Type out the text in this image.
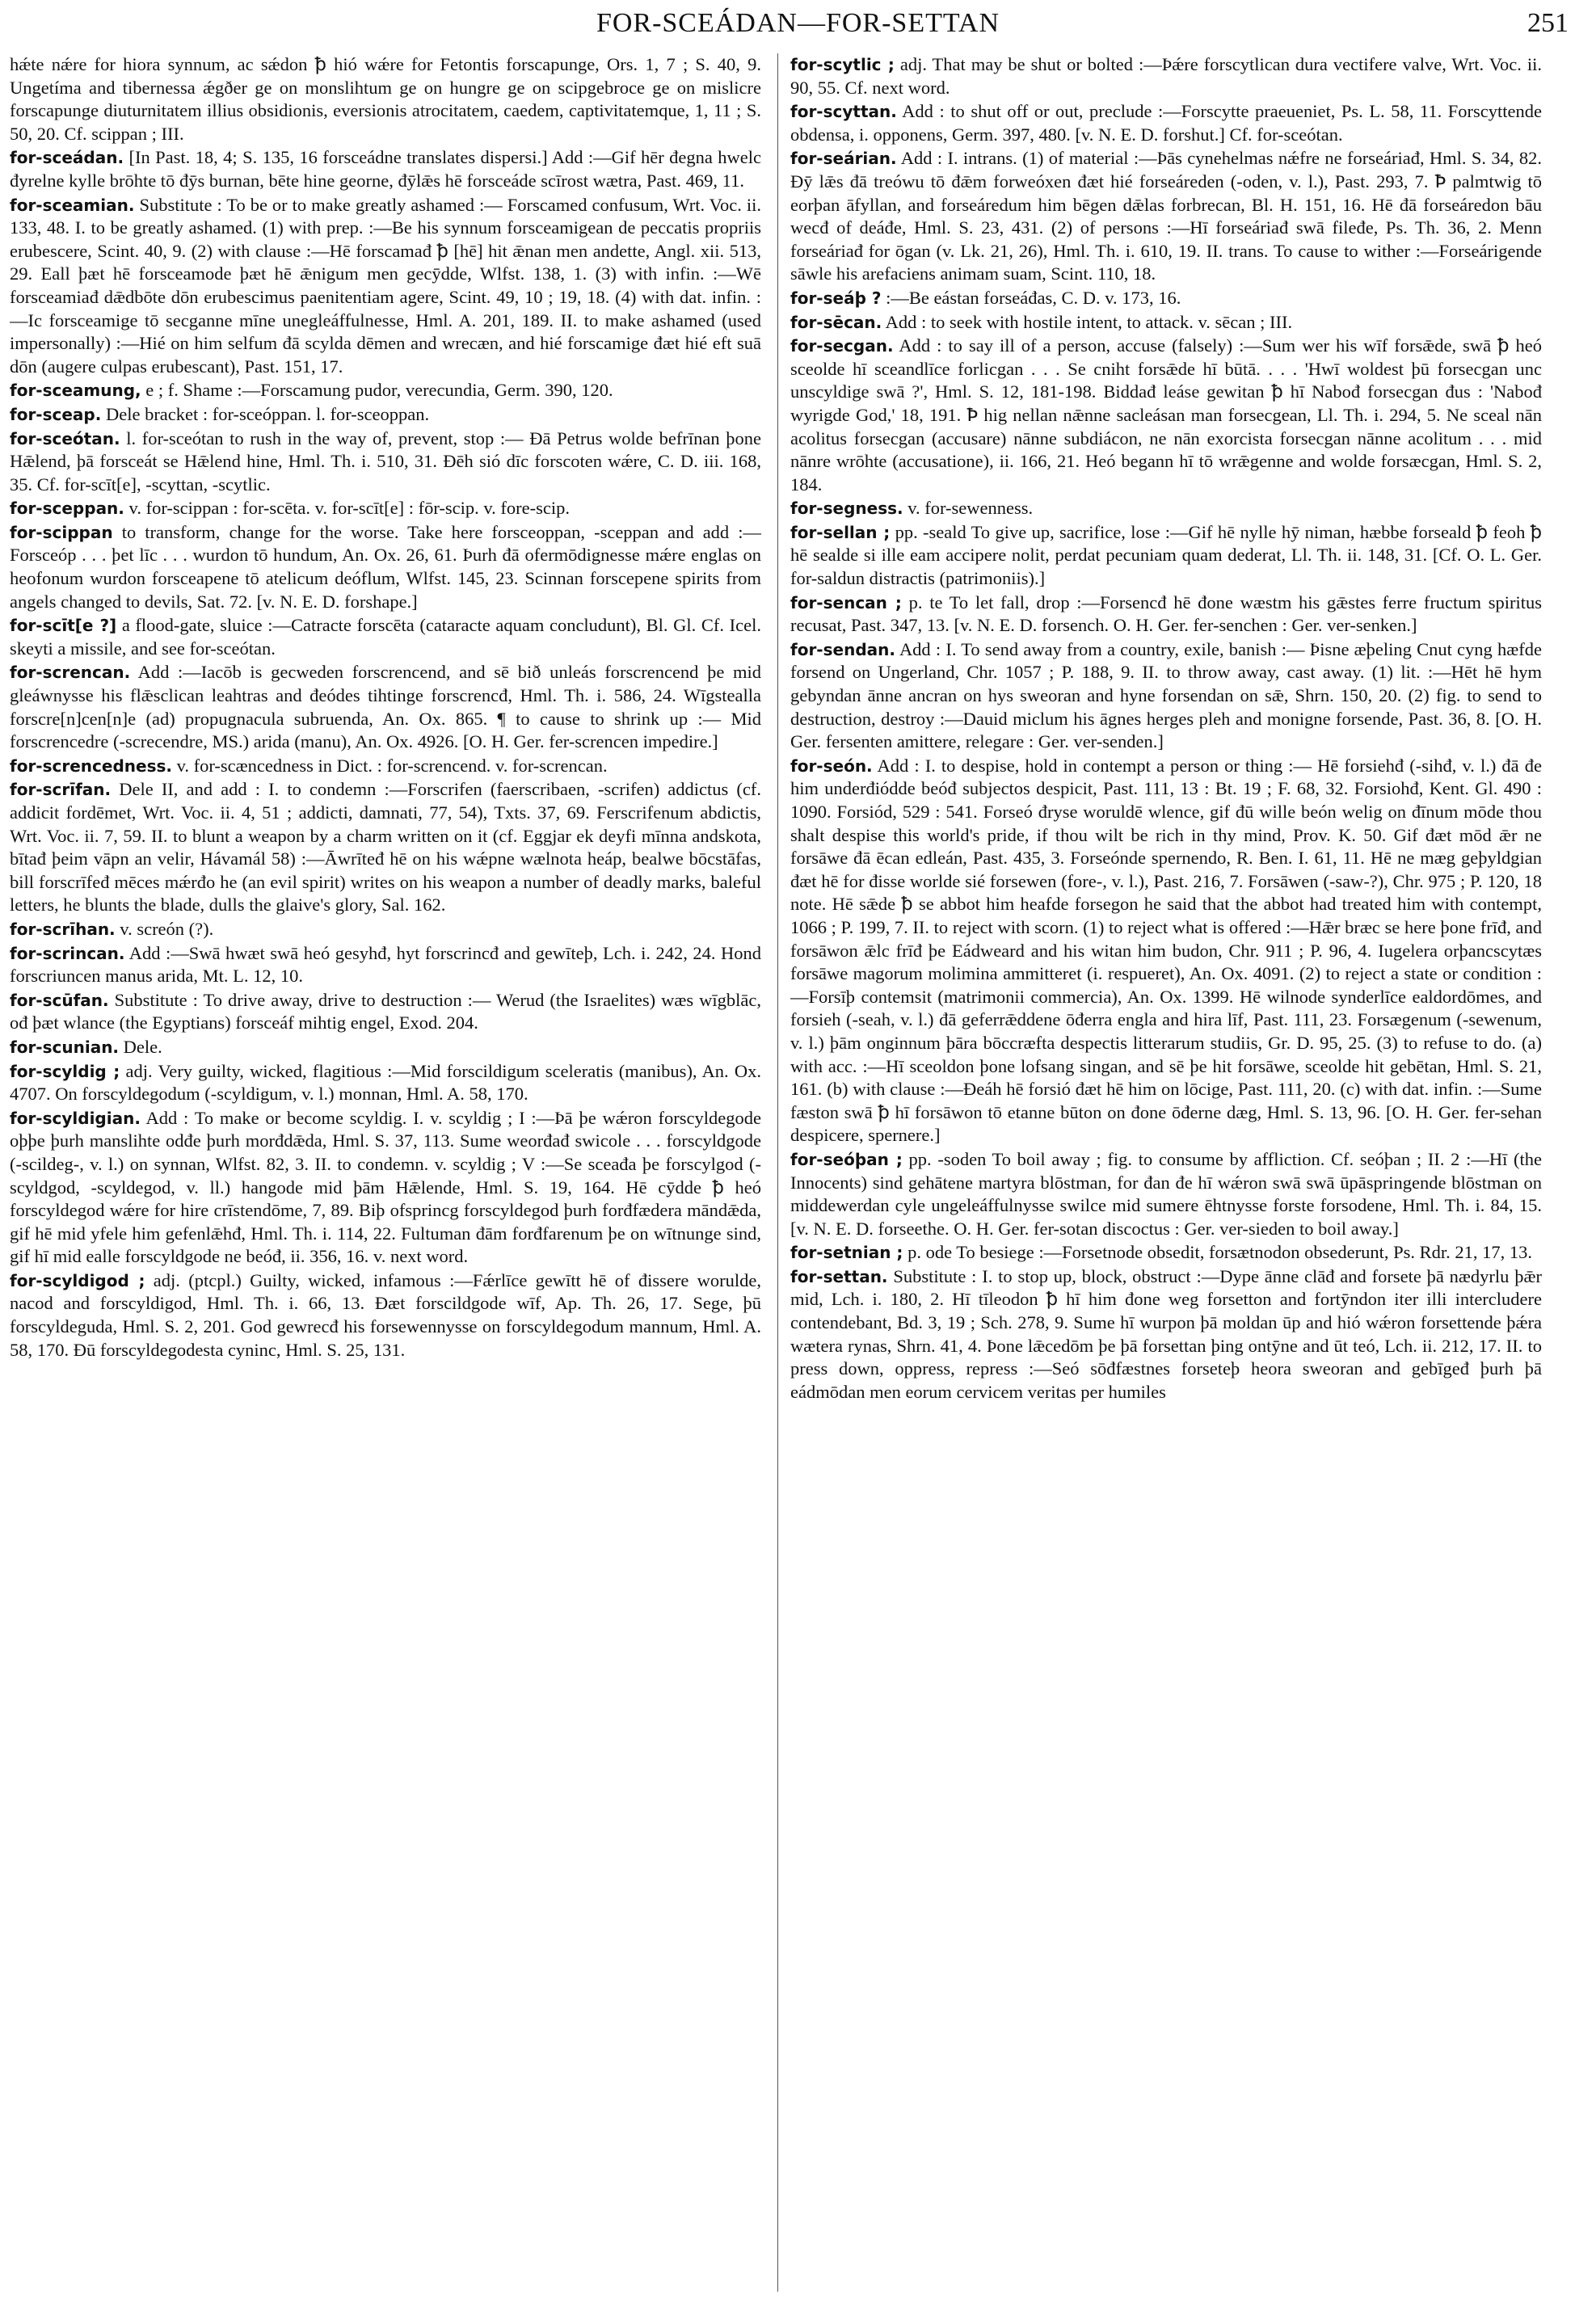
FOR-SCEÁDAN—FOR-SETTAN	251

hǽte nǽre for hiora synnum, ac sǽdon ꝥ hió wǽre for Fetontis forscapunge, Ors. 1, 7 ; S. 40, 9. Ungetíma and tibernessa ǽgðer ge on monslihtum ge on hungre ge on scipgebroce ge on mislicre forscapunge diuturnitatem illius obsidionis, eversionis atrocitatem, caedem, captivitatemque, 1, 11 ; S. 50, 20. Cf. scippan ; III.

for-sceádan. [In Past. 18, 4; S. 135, 16 forsceádne translates dispersi.] Add :—Gif hēr đegna hwelc đyrelne kylle brōhte tō đȳs burnan, bēte hine georne, đȳlǣs hē forsceáde scīrost wætra, Past. 469, 11.

for-sceamian. Substitute : To be or to make greatly ashamed :— Forscamed confusum, Wrt. Voc. ii. 133, 48. I. to be greatly ashamed. (1) with prep. :—Be his synnum forsceamigean de peccatis propriis erubescere, Scint. 40, 9. (2) with clause :—Hē forscamađ ꝥ [hē] hit ǣnan men andette, Angl. xii. 513, 29. Eall þæt hē forsceamode þæt hē ǣnigum men gecȳdde, Wlfst. 138, 1. (3) with infin. :—Wē forsceamiađ dǣdbōte dōn erubescimus paenitentiam agere, Scint. 49, 10 ; 19, 18. (4) with dat. infin. :—Ic forsceamige tō secganne mīne unegleáffulnesse, Hml. A. 201, 189. II. to make ashamed (used impersonally) :—Hié on him selfum đā scylda dēmen and wrecæn, and hié forscamige đæt hié eft suā dōn (augere culpas erubescant), Past. 151, 17.

for-sceamung, e ; f. Shame :—Forscamung pudor, verecundia, Germ. 390, 120.

for-sceap. Dele bracket : for-sceóppan. l. for-sceoppan.

for-sceótan. l. for-sceótan to rush in the way of, prevent, stop :— Đā Petrus wolde befrīnan þone Hǣlend, þā forsceát se Hǣlend hine, Hml. Th. i. 510, 31. Đēh sió dīc forscoten wǽre, C. D. iii. 168, 35. Cf. for-scīt[e], -scyttan, -scytlic.

for-sceppan. v. for-scippan : for-scēta. v. for-scīt[e] : fōr-scip. v. fore-scip.

for-scippan to transform, change for the worse. Take here forsceoppan, -sceppan and add :—Forsceóp . . . þet līc . . . wurdon tō hundum, An. Ox. 26, 61. Þurh đā ofermōdignesse mǽre englas on heofonum wurdon forsceapene tō atelicum deóflum, Wlfst. 145, 23. Scinnan forscepene spirits from angels changed to devils, Sat. 72. [v. N. E. D. forshape.]

for-scīt[e ?] a flood-gate, sluice :—Catracte forscēta (cataracte aquam concludunt), Bl. Gl. Cf. Icel. skeyti a missile, and see for-sceótan.

for-screncan. Add :—Iacōb is gecweden forscrencend, and sē bið unleás forscrencend þe mid gleáwnysse his flǣsclican leahtras and đeódes tihtinge forscrencđ, Hml. Th. i. 586, 24. Wīgstealla forscre[n]cen[n]e (ad) propugnacula subruenda, An. Ox. 865. ¶ to cause to shrink up :— Mid forscrencedre (-screcendre, MS.) arida (manu), An. Ox. 4926. [O. H. Ger. fer-screncen impedire.]

for-screncedness. v. for-scæncedness in Dict. : for-screncend. v. for-screncan.

for-scrīfan. Dele II, and add : I. to condemn :—Forscrifen (faerscribaen, -scrifen) addictus (cf. addicit fordēmet, Wrt. Voc. ii. 4, 51 ; addicti, damnati, 77, 54), Txts. 37, 69. Ferscrifenum abdictis, Wrt. Voc. ii. 7, 59. II. to blunt a weapon by a charm written on it (cf. Eggjar ek deyfi mīnna andskota, bītađ þeim vāpn an velir, Hávamál 58) :—Āwrīteđ hē on his wǽpne wælnota heáp, bealwe bōcstāfas, bill forscrīfeđ mēces mǽrđo he (an evil spirit) writes on his weapon a number of deadly marks, baleful letters, he blunts the blade, dulls the glaive's glory, Sal. 162.

for-scrīhan. v. screón (?).

for-scrincan. Add :—Swā hwæt swā heó gesyhđ, hyt forscrincđ and gewīteþ, Lch. i. 242, 24. Hond forscriuncen manus arida, Mt. L. 12, 10.

for-scūfan. Substitute : To drive away, drive to destruction :— Werud (the Israelites) wæs wīgblāc, ođ þæt wlance (the Egyptians) forsceáf mihtig engel, Exod. 204.

for-scunian. Dele.

for-scyldig ; adj. Very guilty, wicked, flagitious :—Mid forscildigum sceleratis (manibus), An. Ox. 4707. On forscyldegodum (-scyldigum, v. l.) monnan, Hml. A. 58, 170.

for-scyldigian. Add : To make or become scyldig. I. v. scyldig ; I :—Þā þe wǽron forscyldegode oþþe þurh manslihte odđe þurh morđdǣda, Hml. S. 37, 113. Sume weorđađ swicole . . . forscyldgode (-scildeg-, v. l.) on synnan, Wlfst. 82, 3. II. to condemn. v. scyldig ; V :—Se sceađa þe forscylgod (-scyldgod, -scyldegod, v. ll.) hangode mid þām Hǣlende, Hml. S. 19, 164. Hē cȳdde ꝥ heó forscyldegod wǽre for hire crīstendōme, 7, 89. Biþ ofsprincg forscyldegod þurh forđfædera māndǣda, gif hē mid yfele him gefenlǣhđ, Hml. Th. i. 114, 22. Fultuman đām forđfarenum þe on wītnunge sind, gif hī mid ealle forscyldgode ne beóđ, ii. 356, 16. v. next word.

for-scyldigod ; adj. (ptcpl.) Guilty, wicked, infamous :—Fǽrlīce gewītt hē of đissere worulde, nacod and forscyldigod, Hml. Th. i. 66, 13. Đæt forscildgode wīf, Ap. Th. 26, 17. Sege, þū forscyldeguda, Hml. S. 2, 201. God gewrecđ his forsewennysse on forscyldegodum mannum, Hml. A. 58, 170. Đū forscyldegodesta cyninc, Hml. S. 25, 131.

for-scytlic ; adj. That may be shut or bolted :—Þǽre forscytlican dura vectifere valve, Wrt. Voc. ii. 90, 55. Cf. next word.

for-scyttan. Add : to shut off or out, preclude :—Forscytte praeueniet, Ps. L. 58, 11. Forscyttende obdensa, i. opponens, Germ. 397, 480. [v. N. E. D. forshut.] Cf. for-sceótan.

for-seárian. Add : I. intrans. (1) of material :—Þās cynehelmas nǽfre ne forseáriađ, Hml. S. 34, 82. Đȳ lǣs đā treówu tō đǣm forweóxen đæt hié forseáreden (-oden, v. l.), Past. 293, 7. Ꝥ palmtwig tō eorþan āfyllan, and forseáredum him bēgen dǣlas forbrecan, Bl. H. 151, 16. Hē đā forseáredon bāu wecđ of deáđe, Hml. S. 23, 431. (2) of persons :—Hī forseáriađ swā fileđe, Ps. Th. 36, 2. Menn forseáriađ for ōgan (v. Lk. 21, 26), Hml. Th. i. 610, 19. II. trans. To cause to wither :—Forseárigende sāwle his arefaciens animam suam, Scint. 110, 18.

for-seáþ ? :—Be eástan forseáđas, C. D. v. 173, 16.

for-sēcan. Add : to seek with hostile intent, to attack. v. sēcan ; III.

for-secgan. Add : to say ill of a person, accuse (falsely) :—Sum wer his wīf forsǣde, swā ꝥ heó sceolde hī sceandlīce forlicgan . . . Se cniht forsǣde hī būtā. . . . 'Hwī woldest þū forsecgan unc unscyldige swā ?', Hml. S. 12, 181-198. Biddađ leáse gewitan ꝥ hī Nabođ forsecgan đus : 'Nabođ wyrigde God,' 18, 191. Ꝥ hig nellan nǣnne sacleásan man forsecgean, Ll. Th. i. 294, 5. Ne sceal nān acolitus forsecgan (accusare) nānne subdiácon, ne nān exorcista forsecgan nānne acolitum . . . mid nānre wrōhte (accusatione), ii. 166, 21. Heó begann hī tō wrǣgenne and wolde forsæcgan, Hml. S. 2, 184.

for-segness. v. for-sewenness.

for-sellan ; pp. -seald To give up, sacrifice, lose :—Gif hē nylle hȳ niman, hæbbe forseald ꝥ feoh ꝥ hē sealde si ille eam accipere nolit, perdat pecuniam quam dederat, Ll. Th. ii. 148, 31. [Cf. O. L. Ger. for-saldun distractis (patrimoniis).]

for-sencan ; p. te To let fall, drop :—Forsencđ hē đone wæstm his gǣstes ferre fructum spiritus recusat, Past. 347, 13. [v. N. E. D. forsench. O. H. Ger. fer-senchen : Ger. ver-senken.]

for-sendan. Add : I. To send away from a country, exile, banish :— Þisne æþeling Cnut cyng hæfde forsend on Ungerland, Chr. 1057 ; P. 188, 9. II. to throw away, cast away. (1) lit. :—Hēt hē hym gebyndan ānne ancran on hys sweoran and hyne forsendan on sǣ, Shrn. 150, 20. (2) fig. to send to destruction, destroy :—Dauid miclum his āgnes herges pleh and monigne forsende, Past. 36, 8. [O. H. Ger. fersenten amittere, relegare : Ger. ver-senden.]

for-seón. Add : I. to despise, hold in contempt a person or thing :— Hē forsiehđ (-sihđ, v. l.) đā đe him underđiódde beóđ subjectos despicit, Past. 111, 13 : Bt. 19 ; F. 68, 32. Forsiohđ, Kent. Gl. 490 : 1090. Forsiód, 529 : 541. Forseó đryse woruldē wlence, gif đū wille beón welig on đīnum mōde thou shalt despise this world's pride, if thou wilt be rich in thy mind, Prov. K. 50. Gif đæt mōd ǣr ne forsāwe đā ēcan edleán, Past. 435, 3. Forseónde spernendo, R. Ben. I. 61, 11. Hē ne mæg geþyldgian đæt hē for đisse worlde sié forsewen (fore-, v. l.), Past. 216, 7. Forsāwen (-saw-?), Chr. 975 ; P. 120, 18 note. Hē sǣde ꝥ se abbot him heafde forsegon he said that the abbot had treated him with contempt, 1066 ; P. 199, 7. II. to reject with scorn. (1) to reject what is offered :—Hǣr bræc se here þone frīđ, and forsāwon ǣlc frīđ þe Eádweard and his witan him budon, Chr. 911 ; P. 96, 4. Iugelera orþancscytæs forsāwe magorum molimina ammitteret (i. respueret), An. Ox. 4091. (2) to reject a state or condition :—Forsīþ contemsit (matrimonii commercia), An. Ox. 1399. Hē wilnode synderlīce ealdordōmes, and forsieh (-seah, v. l.) đā geferrǣddene ōđerra engla and hira līf, Past. 111, 23. Forsægenum (-sewenum, v. l.) þām onginnum þāra bōccræfta despectis litterarum studiis, Gr. D. 95, 25. (3) to refuse to do. (a) with acc. :—Hī sceoldon þone lofsang singan, and sē þe hit forsāwe, sceolde hit gebētan, Hml. S. 21, 161. (b) with clause :—Đeáh hē forsió đæt hē him on lōcige, Past. 111, 20. (c) with dat. infin. :—Sume fæston swā ꝥ hī forsāwon tō etanne būton on đone ōđerne dæg, Hml. S. 13, 96. [O. H. Ger. fer-sehan despicere, spernere.]

for-seóþan ; pp. -soden To boil away ; fig. to consume by affliction. Cf. seóþan ; II. 2 :—Hī (the Innocents) sind gehātene martyra blōstman, for đan đe hī wǽron swā swā ūpāspringende blōstman on middewerdan cyle ungeleáffulnysse swilce mid sumere ēhtnysse forste forsodene, Hml. Th. i. 84, 15. [v. N. E. D. forseethe. O. H. Ger. fer-sotan discoctus : Ger. ver-sieden to boil away.]

for-setnian ; p. ode To besiege :—Forsetnode obsedit, forsætnodon obsederunt, Ps. Rdr. 21, 17, 13.

for-settan. Substitute : I. to stop up, block, obstruct :—Dype ānne clāđ and forsete þā nædyrlu þǣr mid, Lch. i. 180, 2. Hī tīleodon ꝥ hī him đone weg forsetton and fortȳndon iter illi intercludere contendebant, Bd. 3, 19 ; Sch. 278, 9. Sume hī wurpon þā moldan ūp and hió wǽron forsettende þǽra wætera rynas, Shrn. 41, 4. Þone lǣcedōm þe þā forsettan þing ontȳne and ūt teó, Lch. ii. 212, 17. II. to press down, oppress, repress :—Seó sōđfæstnes forseteþ heora sweoran and gebīgeđ þurh þā eádmōdan men eorum cervicem veritas per humiles
